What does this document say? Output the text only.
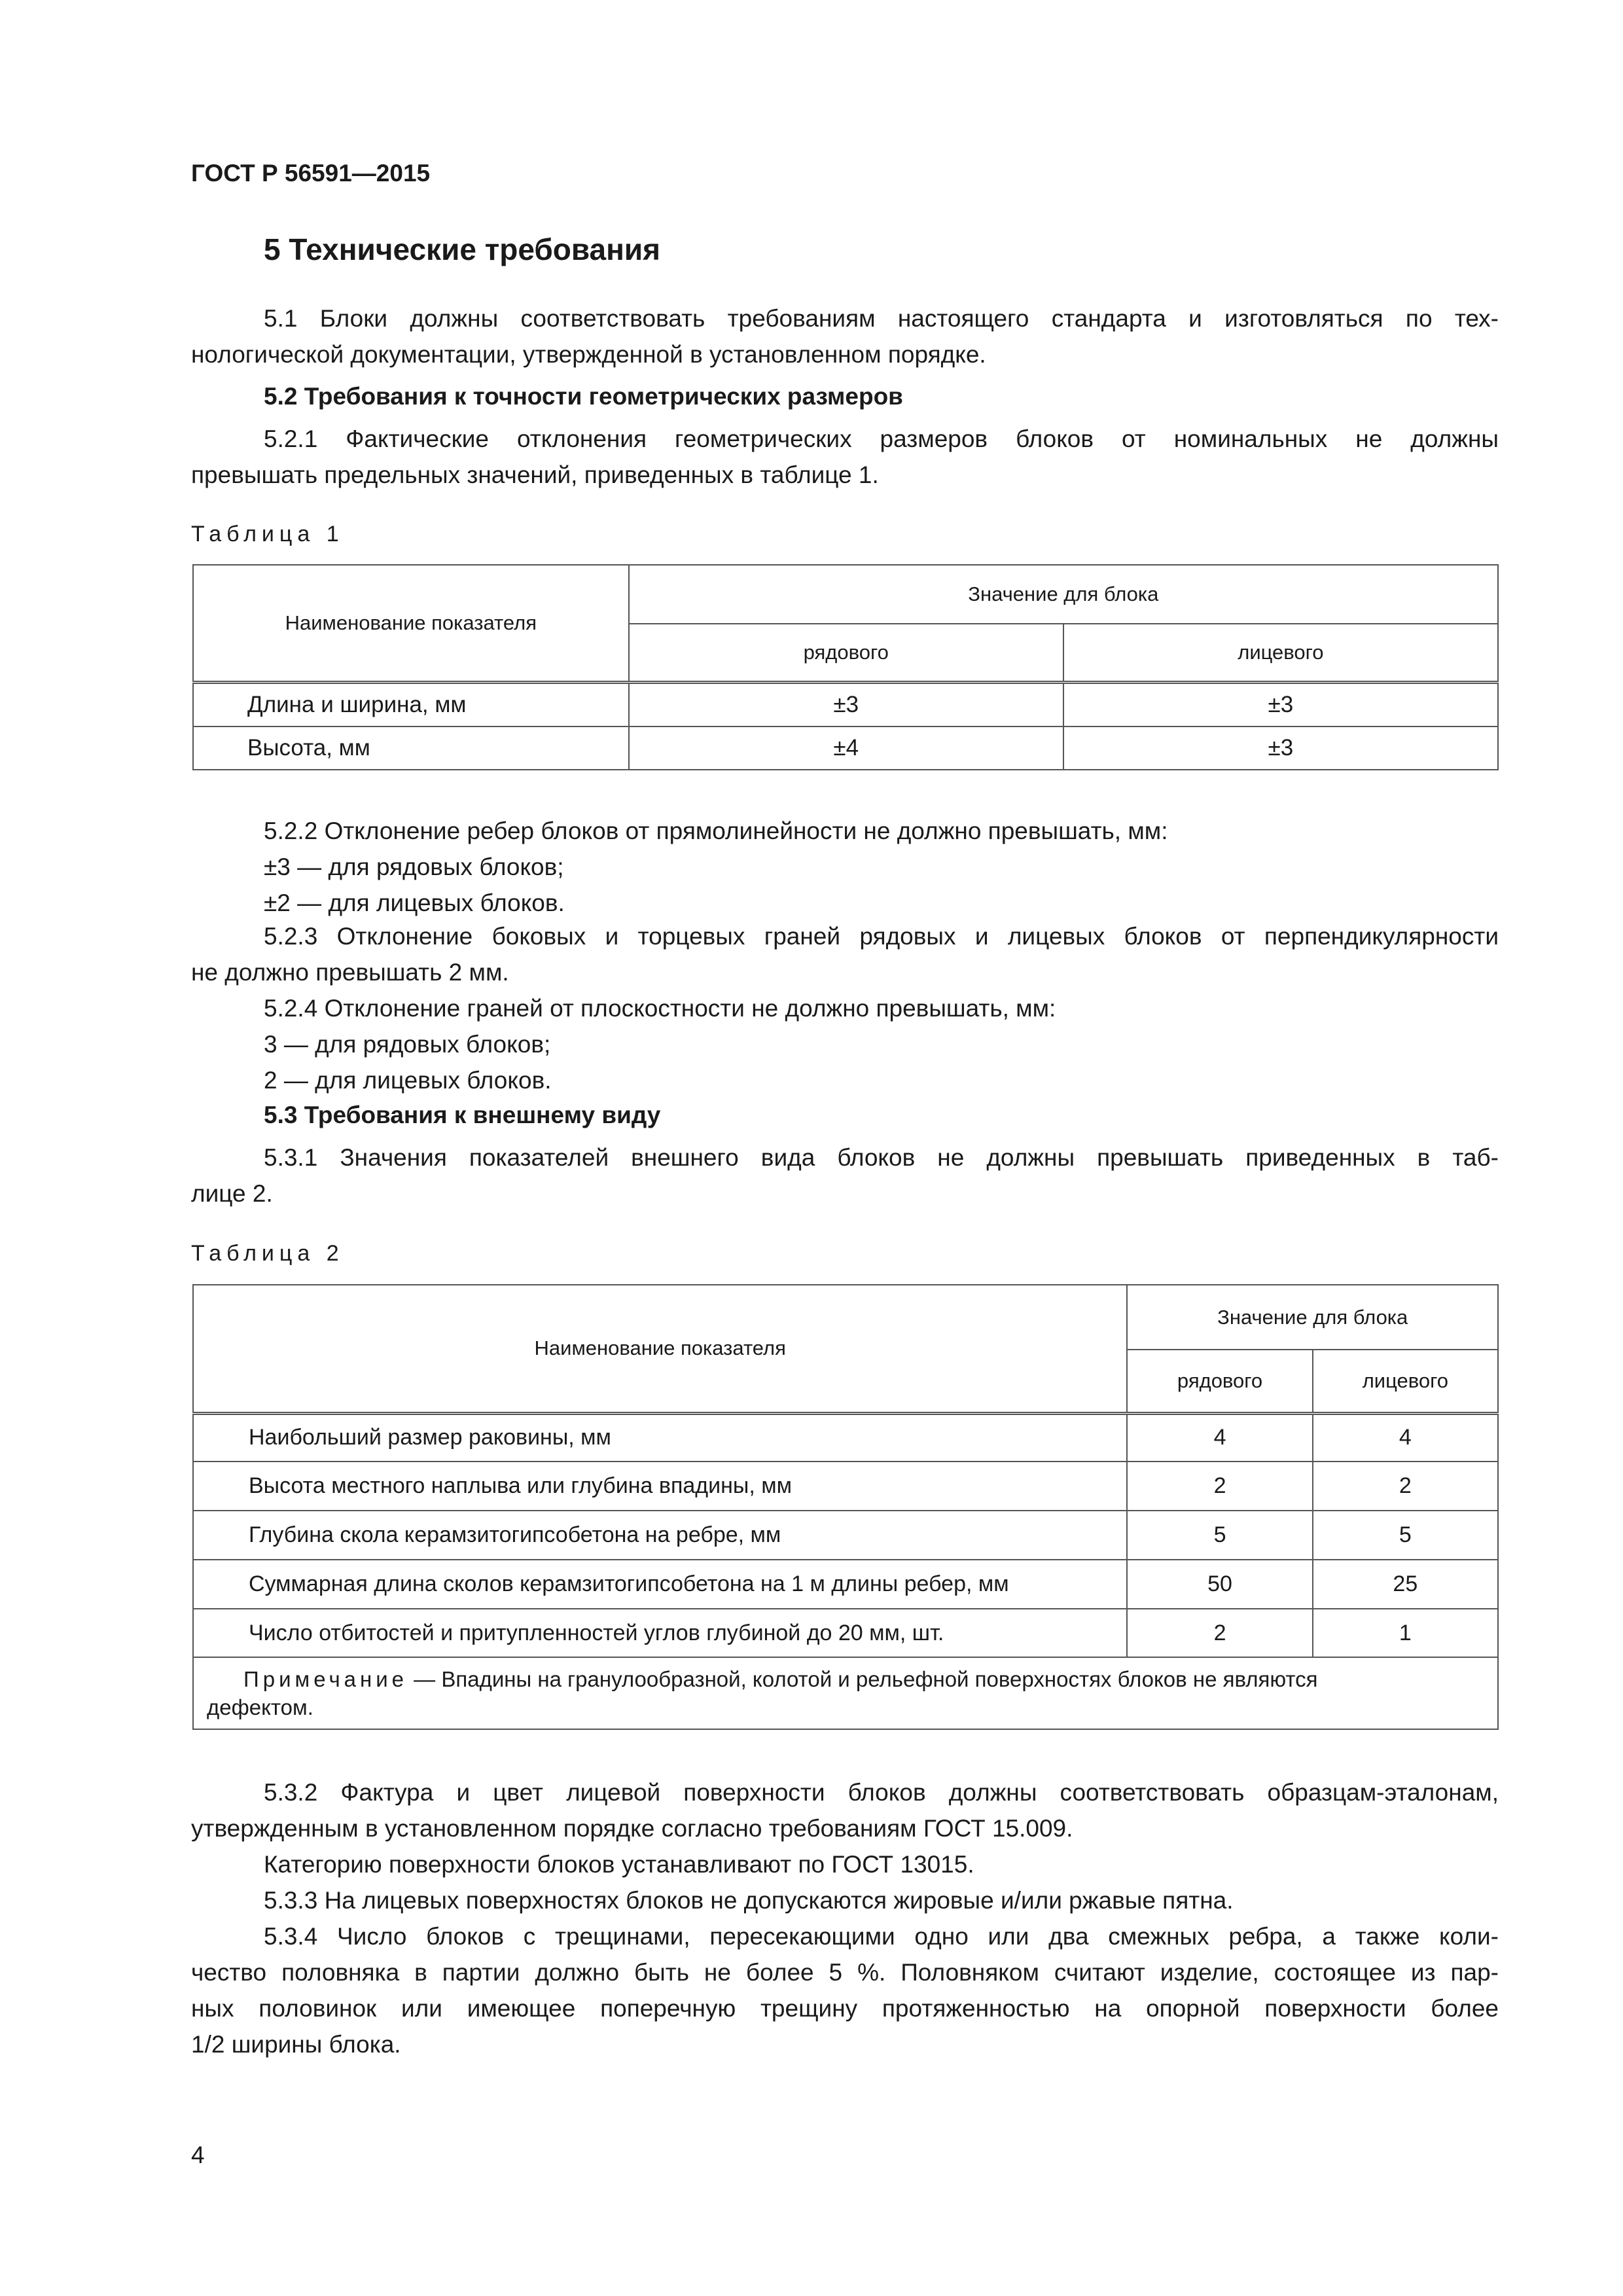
ГОСТ Р 56591—2015
5 Технические требования
5.1 Блоки должны соответствовать требованиям настоящего стандарта и изготовляться по тех-
нологической документации, утвержденной в установленном порядке.
5.2 Требования к точности геометрических размеров
5.2.1 Фактические отклонения геометрических размеров блоков от номинальных не должны
превышать предельных значений, приведенных в таблице 1.
Таблица 1
Наименование показателя	Значение для блока	
	рядового	лицевого
Длина и ширина, мм	±3	±3
Высота, мм	±4	±3
5.2.2 Отклонение ребер блоков от прямолинейности не должно превышать, мм:
±3 — для рядовых блоков;
±2 — для лицевых блоков.
5.2.3 Отклонение боковых и торцевых граней рядовых и лицевых блоков от перпендикулярности
не должно превышать 2 мм.
5.2.4 Отклонение граней от плоскостности не должно превышать, мм:
3 — для рядовых блоков;
2 — для лицевых блоков.
5.3 Требования к внешнему виду
5.3.1 Значения показателей внешнего вида блоков не должны превышать приведенных в таб-
лице 2.
Таблица 2
Наименование показателя	Значение для блока	
	рядового	лицевого
Наибольший размер раковины, мм	4	4
Высота местного наплыва или глубина впадины, мм	2	2
Глубина скола керамзитогипсобетона на ребре, мм	5	5
Суммарная длина сколов керамзитогипсобетона на 1 м длины ребер, мм	50	25
Число отбитостей и притупленностей углов глубиной до 20 мм, шт.	2	1

Примечание — Впадины на гранулообразной, колотой и рельефной поверхностях блоков не являются
дефектом.		
5.3.2 Фактура и цвет лицевой поверхности блоков должны соответствовать образцам-эталонам,
утвержденным в установленном порядке согласно требованиям ГОСТ 15.009.
Категорию поверхности блоков устанавливают по ГОСТ 13015.
5.3.3 На лицевых поверхностях блоков не допускаются жировые и/или ржавые пятна.
5.3.4 Число блоков с трещинами, пересекающими одно или два смежных ребра, а также коли-
чество половняка в партии должно быть не более 5 %. Половняком считают изделие, состоящее из пар-
ных половинок или имеющее поперечную трещину протяженностью на опорной поверхности более
1/2 ширины блока.
4
